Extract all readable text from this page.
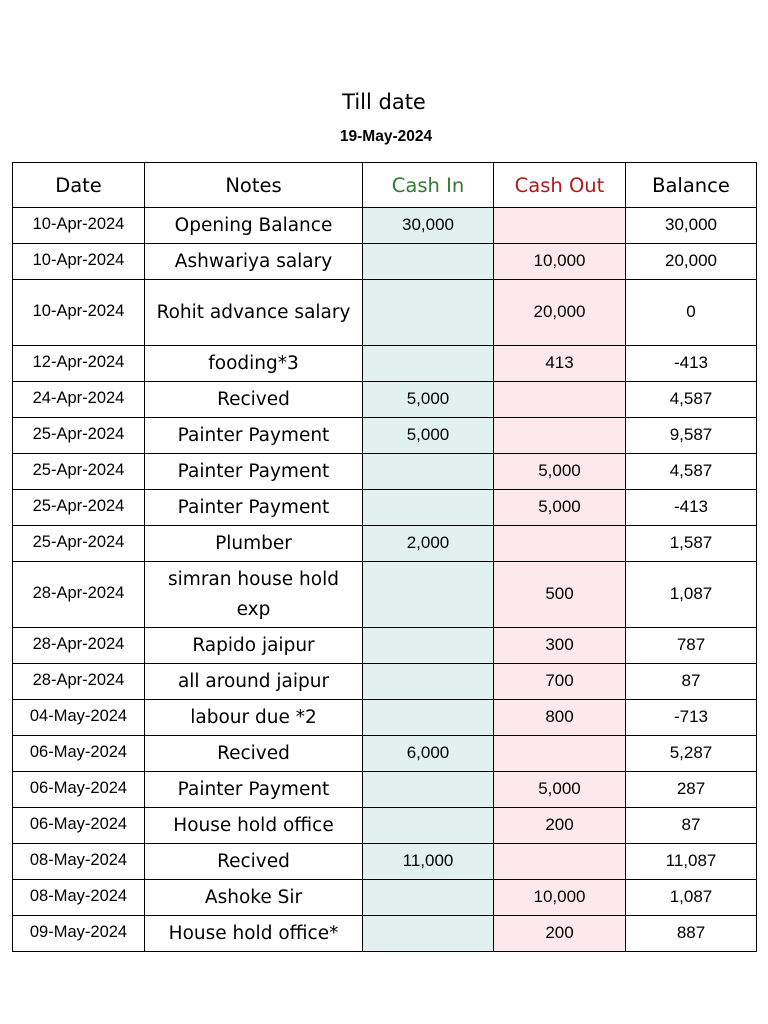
Till date
19-May-2024
Date	Notes	Cash In	Cash Out	Balance

10-Apr-2024	Opening Balance	30,000		30,000

10-Apr-2024	Ashwariya salary		10,000	20,000

10-Apr-2024	Rohit advance salary		20,000	0

12-Apr-2024	fooding*3		413	-413

24-Apr-2024	Recived	5,000		4,587

25-Apr-2024	Painter Payment	5,000		9,587

25-Apr-2024	Painter Payment		5,000	4,587

25-Apr-2024	Painter Payment		5,000	-413

25-Apr-2024	Plumber	2,000		1,587

28-Apr-2024	simran house hold exp		500	1,087

28-Apr-2024	Rapido jaipur		300	787

28-Apr-2024	all around jaipur		700	87

04-May-2024	labour due *2		800	-713

06-May-2024	Recived	6,000		5,287

06-May-2024	Painter Payment		5,000	287

06-May-2024	House hold office		200	87

08-May-2024	Recived	11,000		11,087

08-May-2024	Ashoke Sir		10,000	1,087

09-May-2024	House hold office*		200	887
